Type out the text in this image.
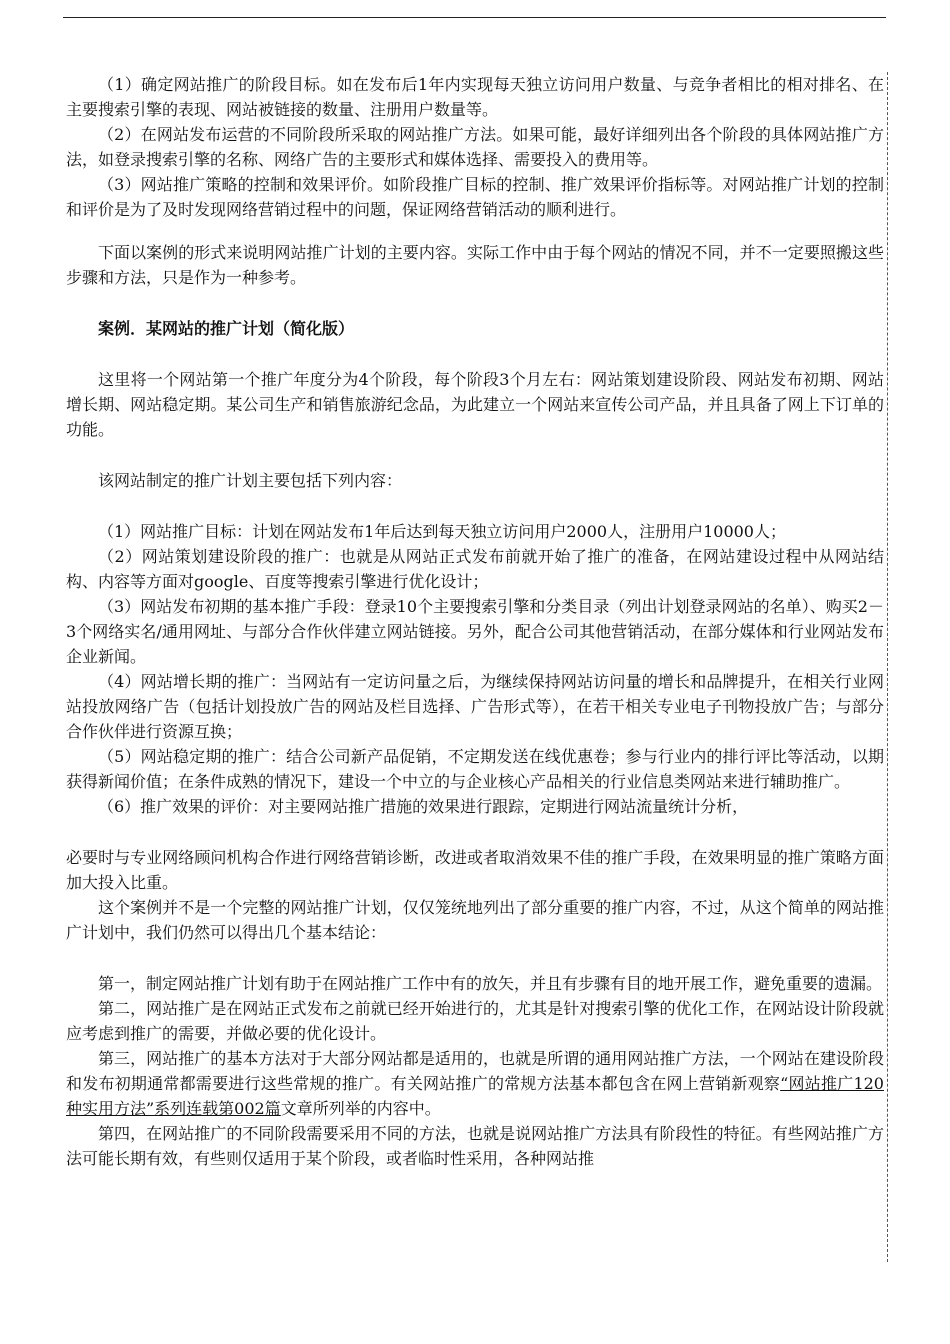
（1）确定网站推广的阶段目标。如在发布后1年内实现每天独立访问用户数量、与竞争者相比的相对排名、在主要搜索引擎的表现、网站被链接的数量、注册用户数量等。

（2）在网站发布运营的不同阶段所采取的网站推广方法。如果可能，最好详细列出各个阶段的具体网站推广方法，如登录搜索引擎的名称、网络广告的主要形式和媒体选择、需要投入的费用等。

（3）网站推广策略的控制和效果评价。如阶段推广目标的控制、推广效果评价指标等。对网站推广计划的控制和评价是为了及时发现网络营销过程中的问题，保证网络营销活动的顺利进行。

下面以案例的形式来说明网站推广计划的主要内容。实际工作中由于每个网站的情况不同，并不一定要照搬这些步骤和方法，只是作为一种参考。

案例．某网站的推广计划（简化版）

这里将一个网站第一个推广年度分为4个阶段，每个阶段3个月左右：网站策划建设阶段、网站发布初期、网站增长期、网站稳定期。某公司生产和销售旅游纪念品，为此建立一个网站来宣传公司产品，并且具备了网上下订单的功能。

该网站制定的推广计划主要包括下列内容：

（1）网站推广目标：计划在网站发布1年后达到每天独立访问用户2000人，注册用户10000人；

（2）网站策划建设阶段的推广：也就是从网站正式发布前就开始了推广的准备，在网站建设过程中从网站结构、内容等方面对google、百度等搜索引擎进行优化设计；

（3）网站发布初期的基本推广手段：登录10个主要搜索引擎和分类目录（列出计划登录网站的名单）、购买2－3个网络实名/通用网址、与部分合作伙伴建立网站链接。另外，配合公司其他营销活动，在部分媒体和行业网站发布企业新闻。

（4）网站增长期的推广：当网站有一定访问量之后，为继续保持网站访问量的增长和品牌提升，在相关行业网站投放网络广告（包括计划投放广告的网站及栏目选择、广告形式等），在若干相关专业电子刊物投放广告；与部分合作伙伴进行资源互换；

（5）网站稳定期的推广：结合公司新产品促销，不定期发送在线优惠卷；参与行业内的排行评比等活动，以期获得新闻价值；在条件成熟的情况下，建设一个中立的与企业核心产品相关的行业信息类网站来进行辅助推广。

（6）推广效果的评价：对主要网站推广措施的效果进行跟踪，定期进行网站流量统计分析，

必要时与专业网络顾问机构合作进行网络营销诊断，改进或者取消效果不佳的推广手段，在效果明显的推广策略方面加大投入比重。

这个案例并不是一个完整的网站推广计划，仅仅笼统地列出了部分重要的推广内容，不过，从这个简单的网站推广计划中，我们仍然可以得出几个基本结论：

第一，制定网站推广计划有助于在网站推广工作中有的放矢，并且有步骤有目的地开展工作，避免重要的遗漏。

第二，网站推广是在网站正式发布之前就已经开始进行的，尤其是针对搜索引擎的优化工作，在网站设计阶段就应考虑到推广的需要，并做必要的优化设计。

第三，网站推广的基本方法对于大部分网站都是适用的，也就是所谓的通用网站推广方法，一个网站在建设阶段和发布初期通常都需要进行这些常规的推广。有关网站推广的常规方法基本都包含在网上营销新观察“网站推广120种实用方法”系列连载第002篇文章所列举的内容中。

第四，在网站推广的不同阶段需要采用不同的方法，也就是说网站推广方法具有阶段性的特征。有些网站推广方法可能长期有效，有些则仅适用于某个阶段，或者临时性采用，各种网站推
